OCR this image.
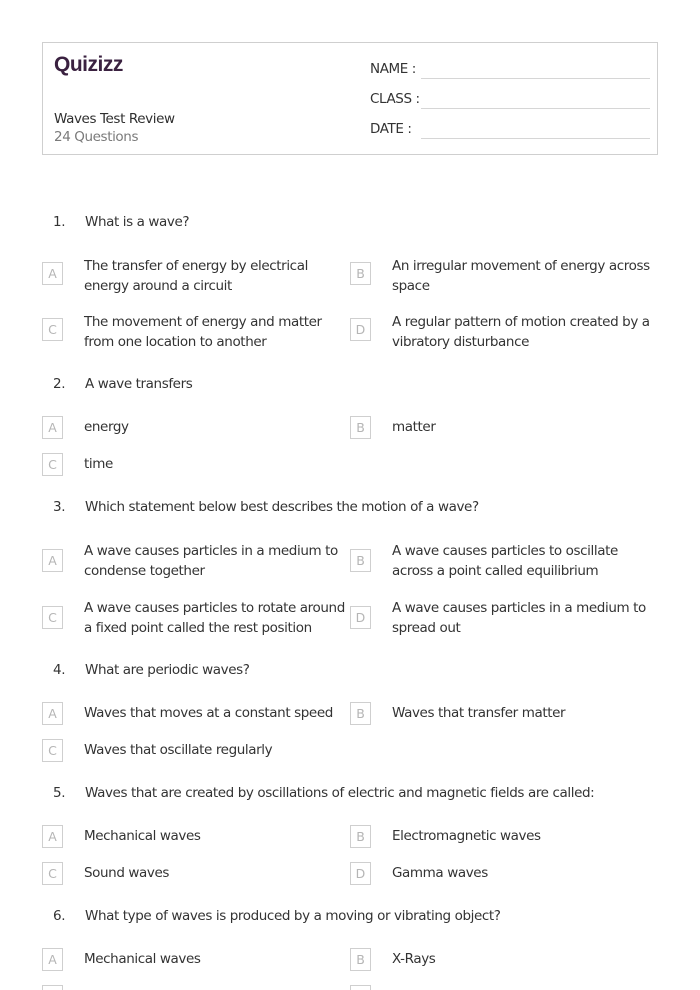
Quizizz
Waves Test Review
24 Questions
NAME :
CLASS :
DATE :
1. What is a wave?
A	The transfer of energy by electrical
energy around a circuit
B	An irregular movement of energy across
space
C	The movement of energy and matter
from one location to another
D	A regular pattern of motion created by a
vibratory disturbance
2. A wave transfers
A	energy	B	matter
C	time
3. Which statement below best describes the motion of a wave?
A
A wave causes particles in a medium to
condense together
B
A wave causes particles to oscillate
across a point called equilibrium
C
A wave causes particles to rotate around
a fixed point called the rest position
D
A wave causes particles in a medium to
spread out
4. What are periodic waves?
A	Waves that moves at a constant speed	B	Waves that transfer matter
C	Waves that oscillate regularly
5. Waves that are created by oscillations of electric and magnetic fields are called:
A	Mechanical waves	B	Electromagnetic waves
C	Sound waves	D	Gamma waves
6. What type of waves is produced by a moving or vibrating object?
A	Mechanical waves	B	X-Rays
